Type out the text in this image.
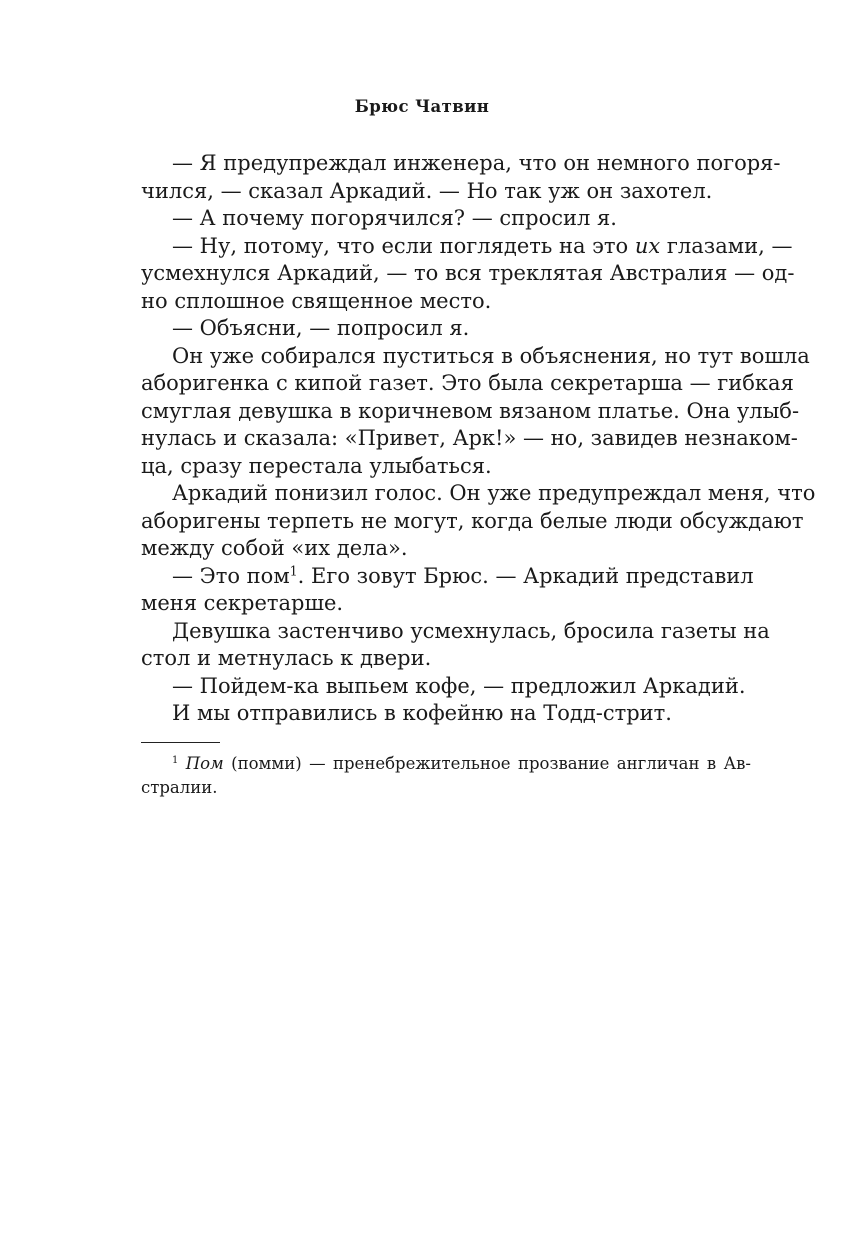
Брюс Чатвин
— Я предупреждал инженера, что он немного погоря-
чился, — сказал Аркадий. — Но так уж он захотел.
— А почему погорячился? — спросил я.
— Ну, потому, что если поглядеть на это их глазами, —
усмехнулся Аркадий, — то вся треклятая Австралия — од-
но сплошное священное место.
— Объясни, — попросил я.
Он уже собирался пуститься в объяснения, но тут вошла
аборигенка с кипой газет. Это была секретарша — гибкая
смуглая девушка в коричневом вязаном платье. Она улыб-
нулась и сказала: «Привет, Арк!» — но, завидев незнаком-
ца, сразу перестала улыбаться.
Аркадий понизил голос. Он уже предупреждал меня, что
аборигены терпеть не могут, когда белые люди обсуждают
между собой «их дела».
— Это пом$^1$. Его зовут Брюс. — Аркадий представил
меня секретарше.
Девушка застенчиво усмехнулась, бросила газеты на
стол и метнулась к двери.
— Пойдем-ка выпьем кофе, — предложил Аркадий.
И мы отправились в кофейню на Тодд-стрит.
$^1$ Пом (помми) — пренебрежительное прозвание англичан в Ав-
стралии.
